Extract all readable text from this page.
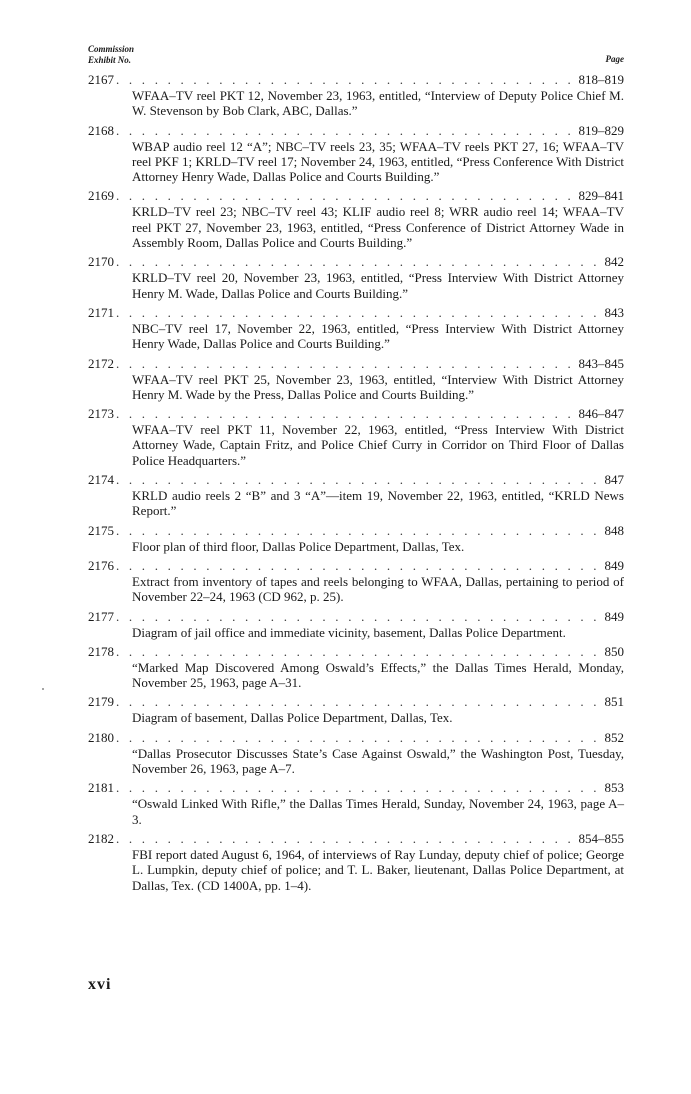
Commission
Exhibit No.	Page
2167 . . .	818–819
WFAA–TV reel PKT 12, November 23, 1963, entitled, “Interview of Deputy Police Chief M. W. Stevenson by Bob Clark, ABC, Dallas.”
2168 . . .	819–829
WBAP audio reel 12 “A”; NBC–TV reels 23, 35; WFAA–TV reels PKT 27, 16; WFAA–TV reel PKF 1; KRLD–TV reel 17; November 24, 1963, entitled, “Press Conference With District Attorney Henry Wade, Dallas Police and Courts Building.”
2169 . . .	829–841
KRLD–TV reel 23; NBC–TV reel 43; KLIF audio reel 8; WRR audio reel 14; WFAA–TV reel PKT 27, November 23, 1963, entitled, “Press Conference of District Attorney Wade in Assembly Room, Dallas Police and Courts Building.”
2170 . . .	842
KRLD–TV reel 20, November 23, 1963, entitled, “Press Interview With District Attorney Henry M. Wade, Dallas Police and Courts Building.”
2171 . . .	843
NBC–TV reel 17, November 22, 1963, entitled, “Press Interview With District Attorney Henry Wade, Dallas Police and Courts Building.”
2172 . . .	843–845
WFAA–TV reel PKT 25, November 23, 1963, entitled, “Interview With District Attorney Henry M. Wade by the Press, Dallas Police and Courts Building.”
2173 . . .	846–847
WFAA–TV reel PKT 11, November 22, 1963, entitled, “Press Interview With District Attorney Wade, Captain Fritz, and Police Chief Curry in Corridor on Third Floor of Dallas Police Headquarters.”
2174 . . .	847
KRLD audio reels 2 “B” and 3 “A”—item 19, November 22, 1963, entitled, “KRLD News Report.”
2175 . . .	848
Floor plan of third floor, Dallas Police Department, Dallas, Tex.
2176 . . .	849
Extract from inventory of tapes and reels belonging to WFAA, Dallas, pertaining to period of November 22–24, 1963 (CD 962, p. 25).
2177 . . .	849
Diagram of jail office and immediate vicinity, basement, Dallas Police Department.
2178 . . .	850
“Marked Map Discovered Among Oswald’s Effects,” the Dallas Times Herald, Monday, November 25, 1963, page A–31.
2179 . . .	851
Diagram of basement, Dallas Police Department, Dallas, Tex.
2180 . . .	852
“Dallas Prosecutor Discusses State’s Case Against Oswald,” the Washington Post, Tuesday, November 26, 1963, page A–7.
2181 . . .	853
“Oswald Linked With Rifle,” the Dallas Times Herald, Sunday, November 24, 1963, page A–3.
2182 . . .	854–855
FBI report dated August 6, 1964, of interviews of Ray Lunday, deputy chief of police; George L. Lumpkin, deputy chief of police; and T. L. Baker, lieutenant, Dallas Police Department, at Dallas, Tex. (CD 1400A, pp. 1–4).
xvi
